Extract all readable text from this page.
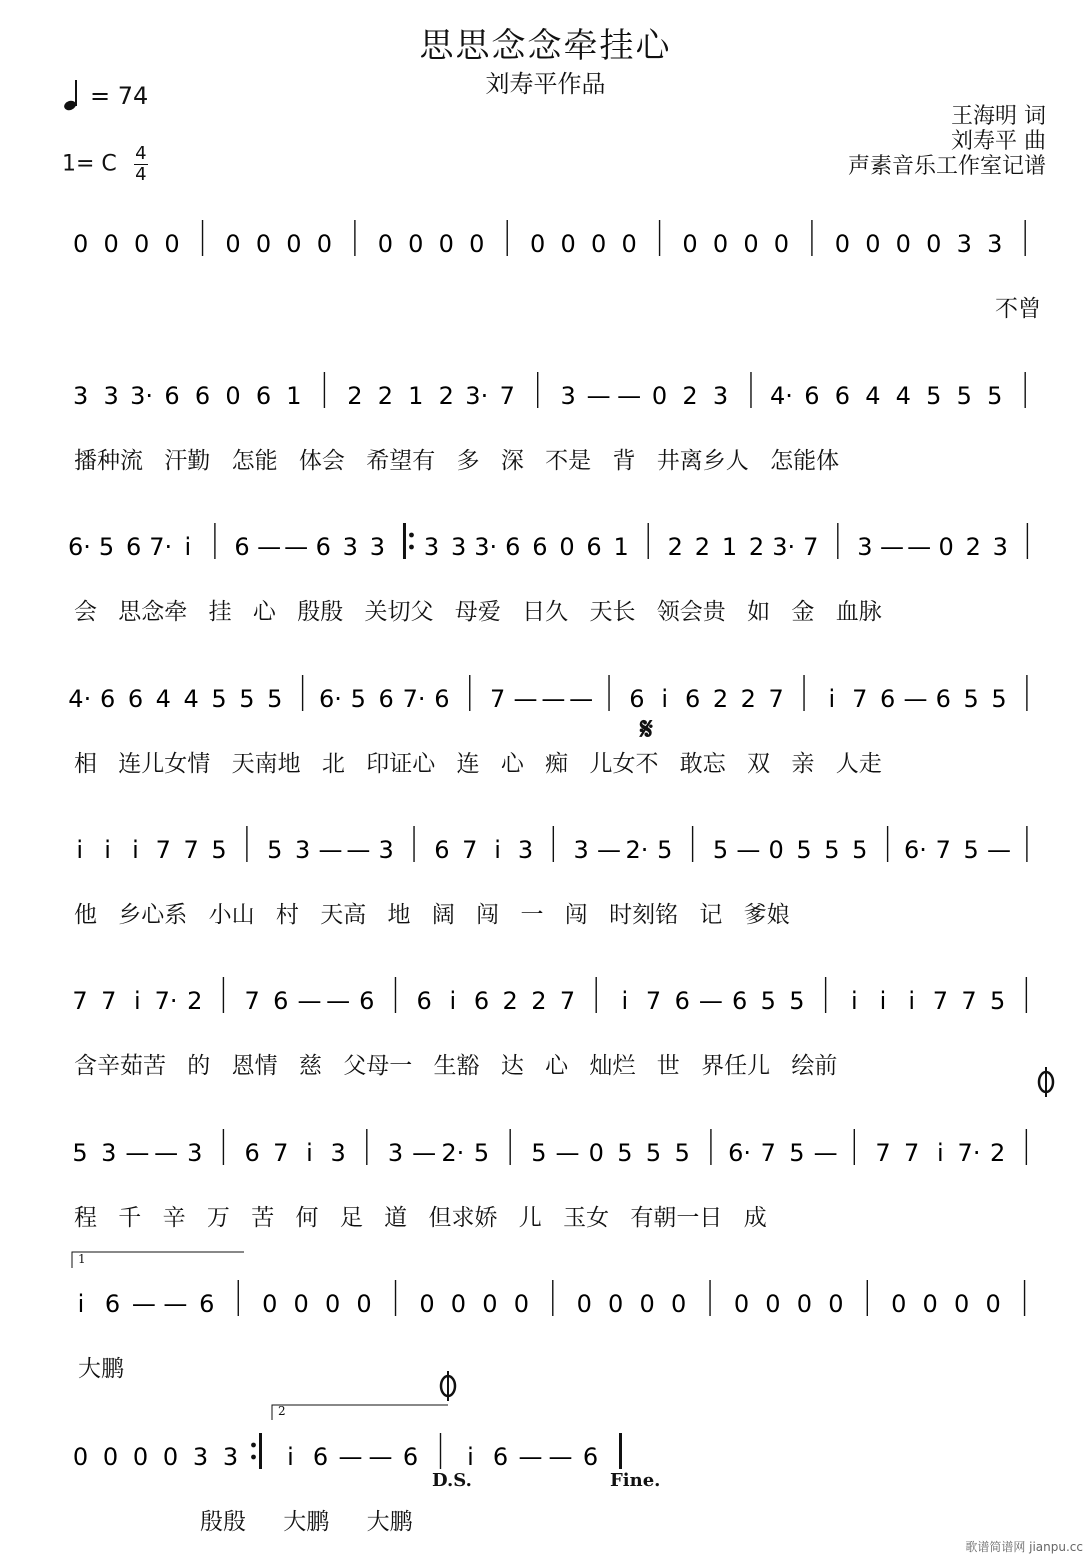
思思念念牵挂心
刘寿平作品
= 74
1= C $\frac{4}{4}$
王海明 词
刘寿平 曲
声素音乐工作室记谱
0 0 0 0 0 0 0 0 0 0 0 0 0 0 0 0 0 0 0 0 0 0 0 0 3 3
不曾
3 3 3· 6 6 0 6 1 2 2 1 2 3· 7 3 — — 0 2 3 4· 6 6 4 4 5 5 5
播种流 汗勤 怎能 体会 希望有 多 深 不是 背 井离乡人 怎能体
6· 5 6 7· i 6 — — 6 3 3 3 3 3· 6 6 0 6 1 2 2 1 2 3· 7 3 — — 0 2 3
会 思念牵 挂 心 殷殷 关切父 母爱 日久 天长 领会贵 如 金 血脉
4· 6 6 4 4 5 5 5 6· 5 6 7· 6 7 — — — 6 i 6 2 2 7 i 7 6 — 6 5 5
相 连儿女情 天南地 北 印证心 连 心 痴 儿女不 敢忘 双 亲 人走
i i i 7 7 5 5 3 — — 3 6 7 i 3 3 — 2· 5 5 — 0 5 5 5 6· 7 5 —
他 乡心系 小山 村 天高 地 阔 闯 一 闯 时刻铭 记 爹娘
7 7 i 7· 2 7 6 — — 6 6 i 6 2 2 7 i 7 6 — 6 5 5 i i i 7 7 5
含辛茹苦 的 恩情 慈 父母一 生豁 达 心 灿烂 世 界任儿 绘前
5 3 — — 3 6 7 i 3 3 — 2· 5 5 — 0 5 5 5 6· 7 5 — 7 7 i 7· 2
程 千 辛 万 苦 何 足 道 但求娇 儿 玉女 有朝一日 成
i 6 — — 6 0 0 0 0 0 0 0 0 0 0 0 0 0 0 0 0 0 0 0 0
大鹏
0 0 0 0 3 3 i 6 — — 6 i 6 — — 6
殷殷 大鹏 大鹏
𝄋
D.S.	Fine.
1
2
歌谱简谱网 jianpu.cc
